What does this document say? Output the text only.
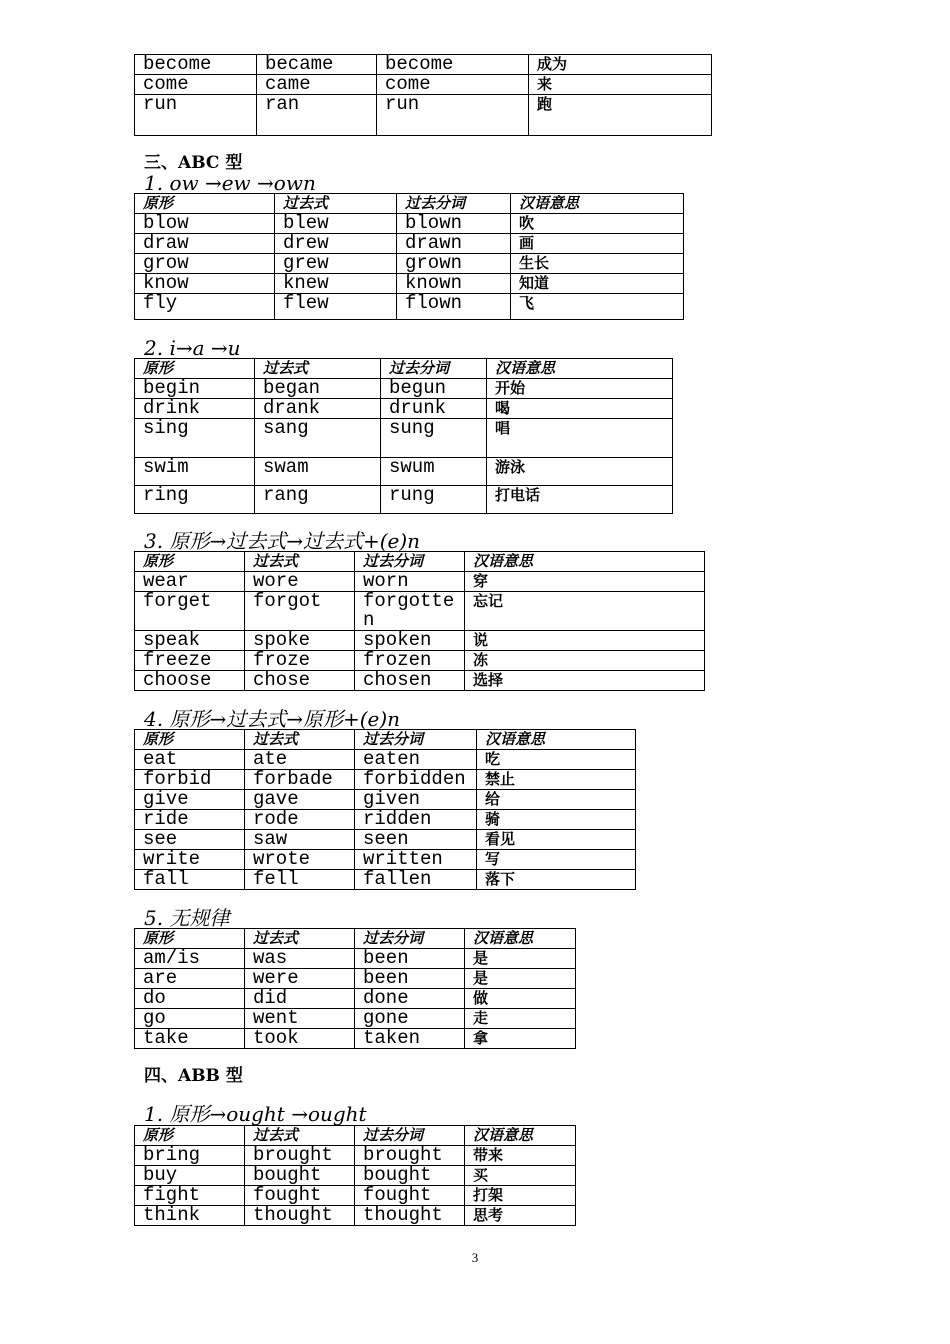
become	became	become	成为
come	came	come	来
run	ran	run	跑
三、ABC 型
1. ow →ew →own
原形	过去式	过去分词	汉语意思
blow	blew	blown	吹
draw	drew	drawn	画
grow	grew	grown	生长
know	knew	known	知道
fly	flew	flown	飞
2. i→a →u
原形	过去式	过去分词	汉语意思
begin	began	begun	开始
drink	drank	drunk	喝
sing	sang	sung	唱
swim	swam	swum	游泳
ring	rang	rung	打电话
3. 原形→过去式→过去式+(e)n
原形	过去式	过去分词	汉语意思
wear	wore	worn	穿
forget	forgot	forgotten	忘记
speak	spoke	spoken	说
freeze	froze	frozen	冻
choose	chose	chosen	选择
4. 原形→过去式→原形+(e)n
原形	过去式	过去分词	汉语意思
eat	ate	eaten	吃
forbid	forbade	forbidden	禁止
give	gave	given	给
ride	rode	ridden	骑
see	saw	seen	看见
write	wrote	written	写
fall	fell	fallen	落下
5. 无规律
原形	过去式	过去分词	汉语意思
am/is	was	been	是
are	were	been	是
do	did	done	做
go	went	gone	走
take	took	taken	拿
四、ABB 型
1. 原形→ought →ought
原形	过去式	过去分词	汉语意思
bring	brought	brought	带来
buy	bought	bought	买
fight	fought	fought	打架
think	thought	thought	思考
3
